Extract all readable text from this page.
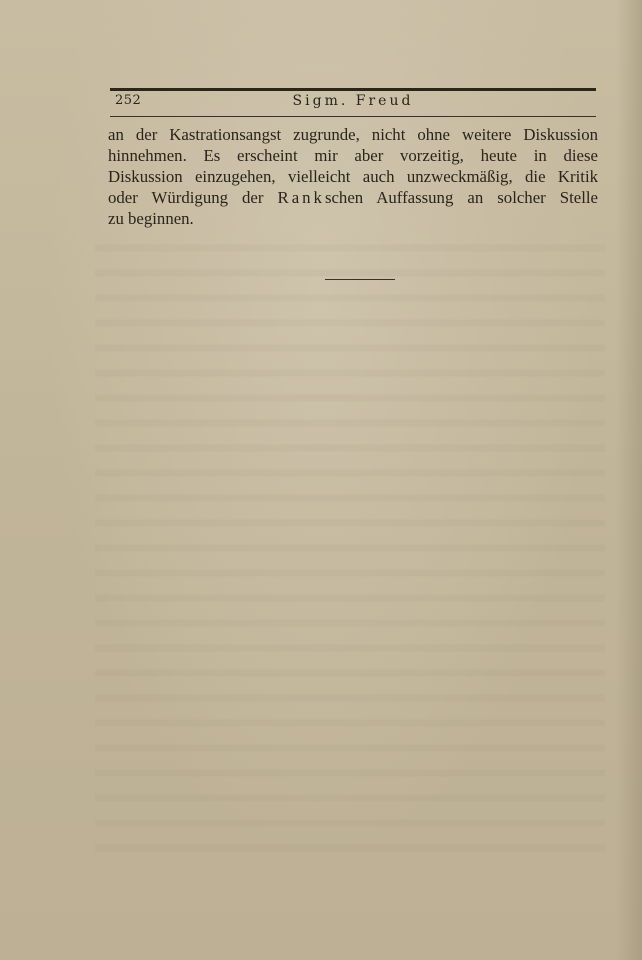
252	Sigm. Freud
an der Kastrationsangst zugrunde, nicht ohne weitere Diskussion
hinnehmen. Es erscheint mir aber vorzeitig, heute in diese
Diskussion einzugehen, vielleicht auch unzweckmäßig, die Kritik
oder Würdigung der Rankschen Auffassung an solcher Stelle
zu beginnen.
